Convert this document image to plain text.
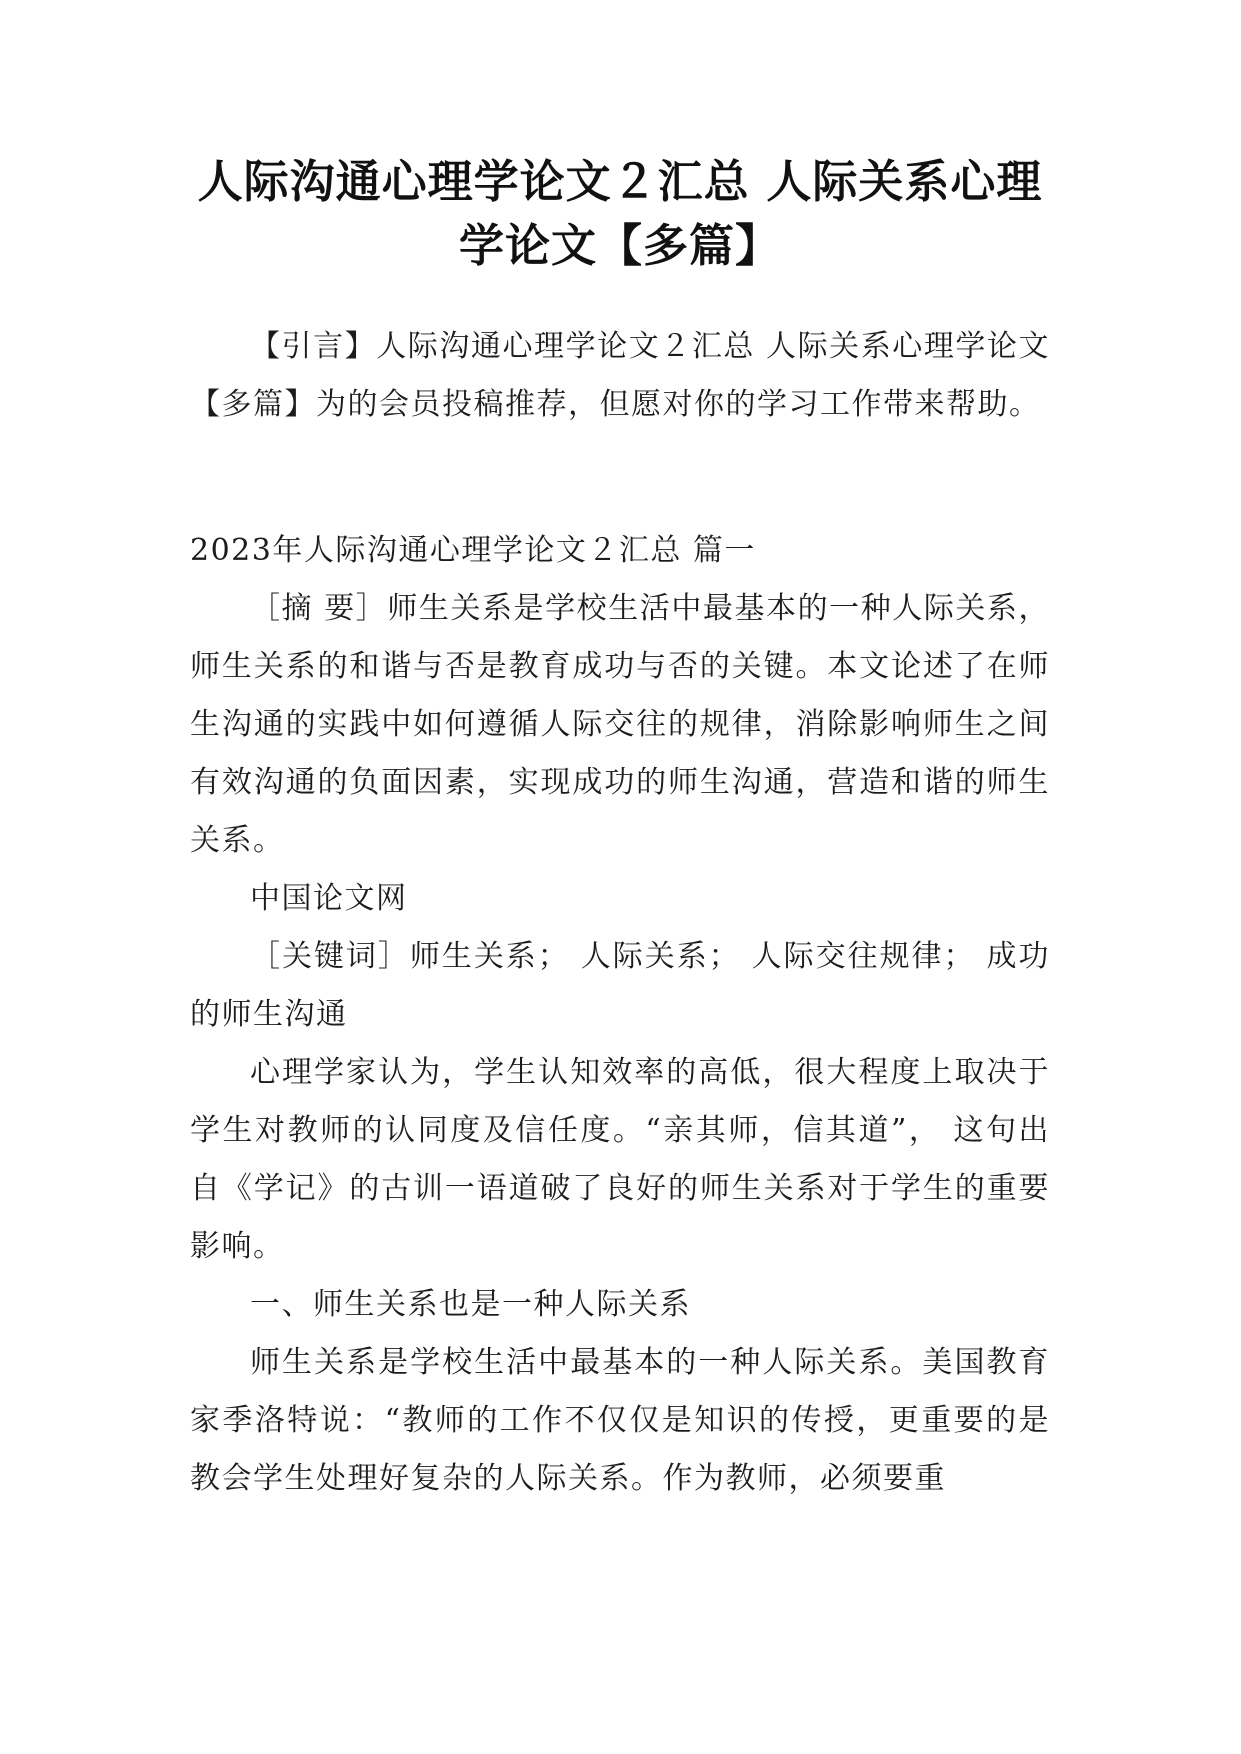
人际沟通心理学论文２汇总 人际关系心理
学论文【多篇】

【引言】人际沟通心理学论文２汇总 人际关系心理学论文【多篇】为的会员投稿推荐，但愿对你的学习工作带来帮助。

2023年人际沟通心理学论文２汇总 篇一

［摘 要］师生关系是学校生活中最基本的一种人际关系，师生关系的和谐与否是教育成功与否的关键。本文论述了在师生沟通的实践中如何遵循人际交往的规律，消除影响师生之间有效沟通的负面因素，实现成功的师生沟通，营造和谐的师生关系。

中国论文网

［关键词］师生关系； 人际关系； 人际交往规律； 成功的师生沟通

心理学家认为，学生认知效率的高低，很大程度上取决于学生对教师的认同度及信任度。“亲其师，信其道”， 这句出自《学记》的古训一语道破了良好的师生关系对于学生的重要影响。

一、师生关系也是一种人际关系

师生关系是学校生活中最基本的一种人际关系。美国教育家季洛特说：“教师的工作不仅仅是知识的传授，更重要的是教会学生处理好复杂的人际关系。作为教师，必须要重
